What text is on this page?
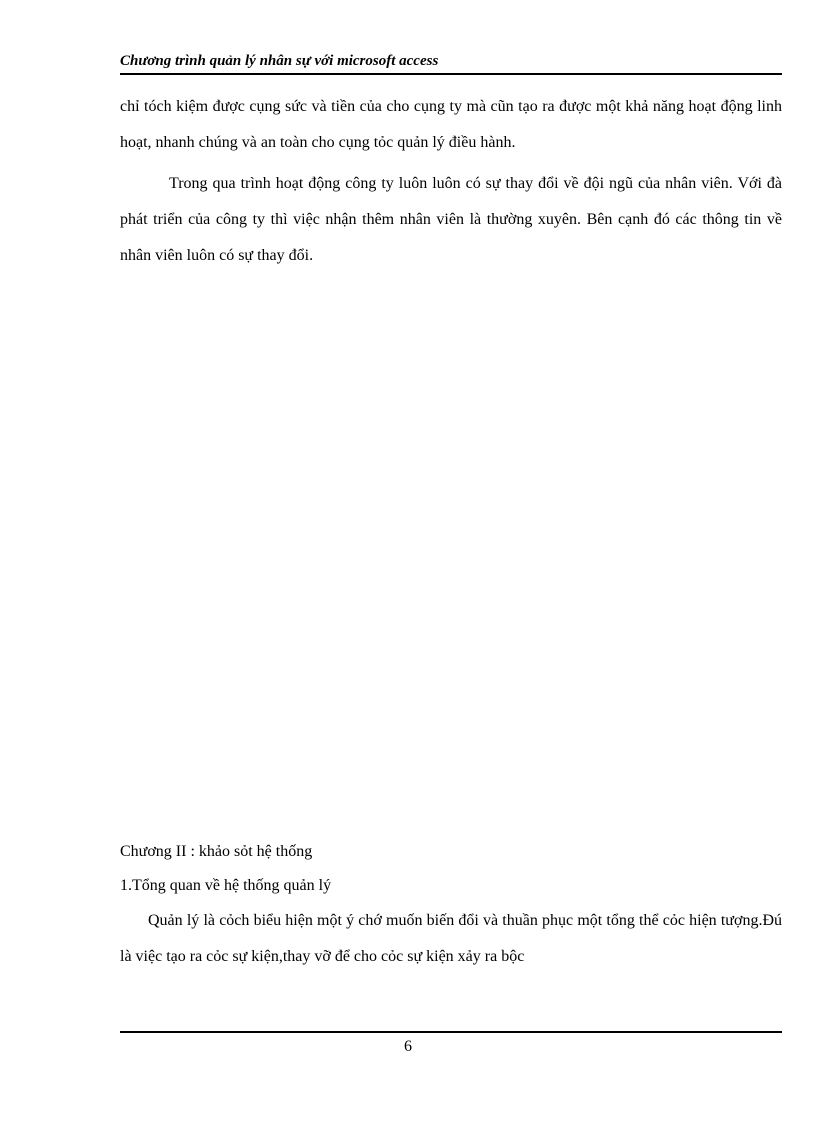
Chương trình quản lý nhân sự với microsoft access
chỉ tóch kiệm được cụng sức và tiền của cho cụng ty mà cũn tạo ra được một khả năng hoạt động linh hoạt, nhanh chúng và an toàn cho cụng tỏc quản lý điều hành.
Trong qua trình hoạt động công ty luôn luôn có sự thay đổi về đội ngũ của nhân viên. Với đà phát triển của công ty thì việc nhận thêm nhân viên là thường xuyên. Bên cạnh đó các thông tin về nhân viên luôn có sự thay đổi.
Chương II : khảo sỏt hệ thống
1.Tổng quan về hệ thống quản lý
Quản lý là cỏch biểu hiện một ý chớ muốn biến đổi và thuần phục một tổng thể cỏc hiện tượng.Đú là việc tạo ra cỏc sự kiện,thay vỡ để cho cỏc sự kiện xảy ra bộc
6
